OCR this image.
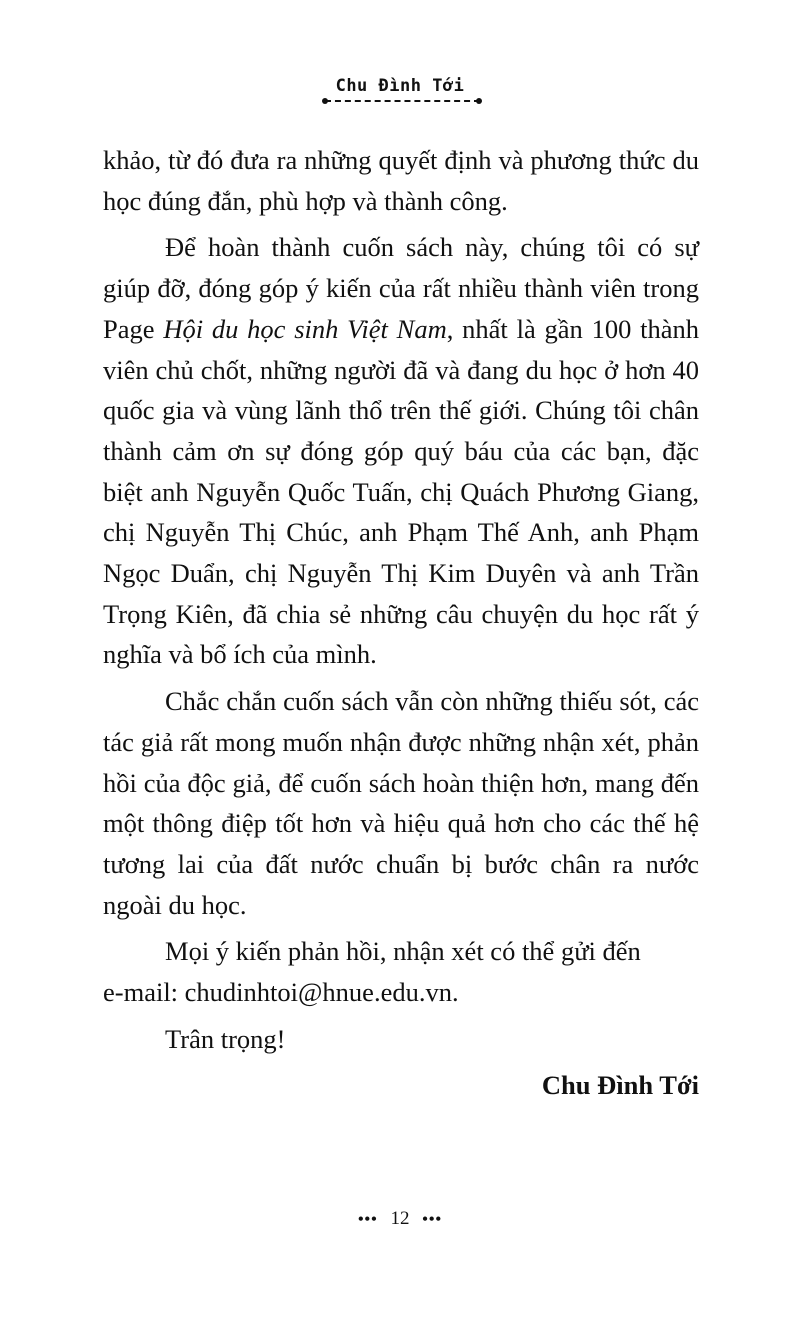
Chu Đình Tới

khảo, từ đó đưa ra những quyết định và phương thức du học đúng đắn, phù hợp và thành công.

Để hoàn thành cuốn sách này, chúng tôi có sự giúp đỡ, đóng góp ý kiến của rất nhiều thành viên trong Page Hội du học sinh Việt Nam, nhất là gần 100 thành viên chủ chốt, những người đã và đang du học ở hơn 40 quốc gia và vùng lãnh thổ trên thế giới. Chúng tôi chân thành cảm ơn sự đóng góp quý báu của các bạn, đặc biệt anh Nguyễn Quốc Tuấn, chị Quách Phương Giang, chị Nguyễn Thị Chúc, anh Phạm Thế Anh, anh Phạm Ngọc Duẩn, chị Nguyễn Thị Kim Duyên và anh Trần Trọng Kiên, đã chia sẻ những câu chuyện du học rất ý nghĩa và bổ ích của mình.

Chắc chắn cuốn sách vẫn còn những thiếu sót, các tác giả rất mong muốn nhận được những nhận xét, phản hồi của độc giả, để cuốn sách hoàn thiện hơn, mang đến một thông điệp tốt hơn và hiệu quả hơn cho các thế hệ tương lai của đất nước chuẩn bị bước chân ra nước ngoài du học.

Mọi ý kiến phản hồi, nhận xét có thể gửi đến
e-mail: chudinhtoi@hnue.edu.vn.

Trân trọng!

Chu Đình Tới

••• 12 •••
